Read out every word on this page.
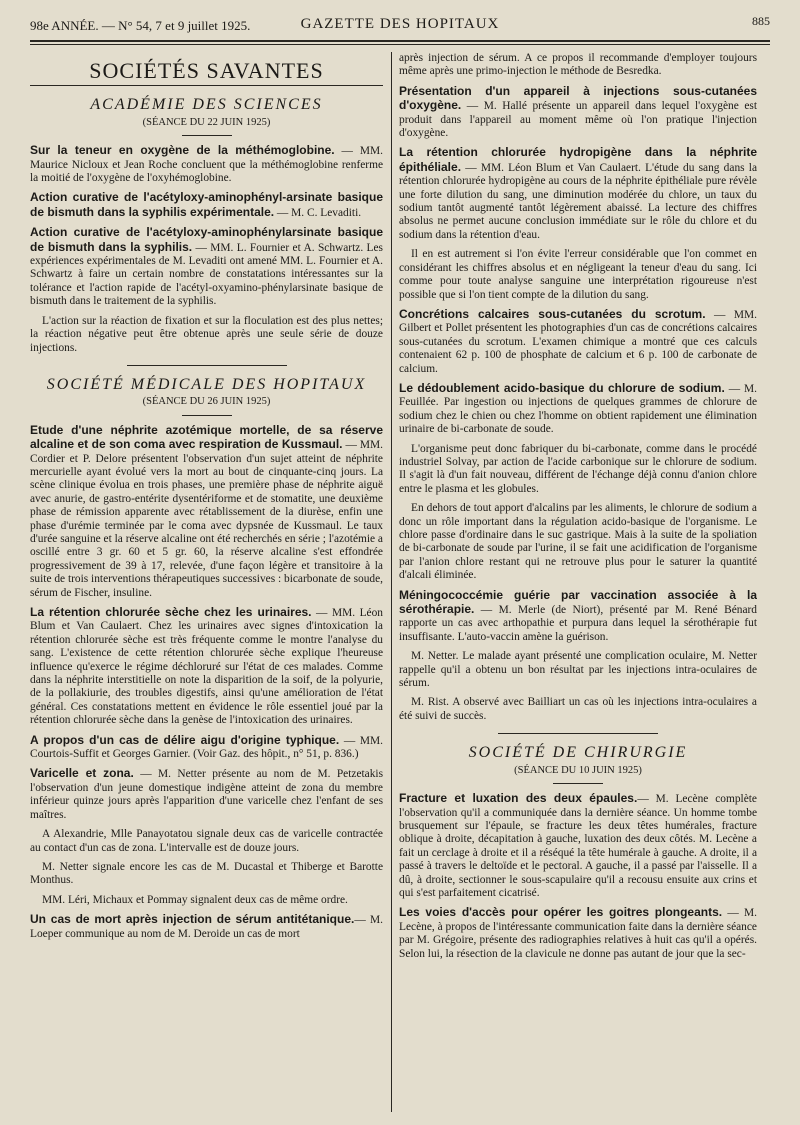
98e ANNÉE. — N° 54, 7 et 9 juillet 1925.	GAZETTE DES HOPITAUX	885
SOCIÉTÉS SAVANTES
ACADÉMIE DES SCIENCES
(SÉANCE DU 22 JUIN 1925)

Sur la teneur en oxygène de la méthémoglobine. — MM. Maurice Nicloux et Jean Roche concluent que la méthémoglobine renferme la moitié de l'oxygène de l'oxyhémoglobine.

Action curative de l'acétyloxy-aminophényl-arsinate basique de bismuth dans la syphilis expérimentale. — M. C. Levaditi.

Action curative de l'acétyloxy-aminophénylarsinate basique de bismuth dans la syphilis. — MM. L. Fournier et A. Schwartz. Les expériences expérimentales de M. Levaditi ont amené MM. L. Fournier et A. Schwartz à faire un certain nombre de constatations intéressantes sur la tolérance et l'action rapide de l'acétyl-oxyamino-phénylarsinate basique de bismuth dans le traitement de la syphilis.

L'action sur la réaction de fixation et sur la floculation est des plus nettes; la réaction négative peut être obtenue après une seule série de douze injections.

SOCIÉTÉ MÉDICALE DES HOPITAUX
(SÉANCE DU 26 JUIN 1925)

Etude d'une néphrite azotémique mortelle, de sa réserve alcaline et de son coma avec respiration de Kussmaul. — MM. Cordier et P. Delore présentent l'observation d'un sujet atteint de néphrite mercurielle ayant évolué vers la mort au bout de cinquante-cinq jours. La scène clinique évolua en trois phases, une première phase de néphrite aiguë avec anurie, de gastro-entérite dysentériforme et de stomatite, une deuxième phase de rémission apparente avec rétablissement de la diurèse, enfin une phase d'urémie terminée par le coma avec dypsnée de Kussmaul. Le taux d'urée sanguine et la réserve alcaline ont été recherchés en série ; l'azotémie a oscillé entre 3 gr. 60 et 5 gr. 60, la réserve alcaline s'est effondrée progressivement de 39 à 17, relevée, d'une façon légère et transitoire à la suite de trois interventions thérapeutiques successives : bicarbonate de soude, sérum de Fischer, insuline.

La rétention chlorurée sèche chez les urinaires. — MM. Léon Blum et Van Caulaert. Chez les urinaires avec signes d'intoxication la rétention chlorurée sèche est très fréquente comme le montre l'analyse du sang. L'existence de cette rétention chlorurée sèche explique l'heureuse influence qu'exerce le régime déchloruré sur l'état de ces malades. Comme dans la néphrite interstitielle on note la disparition de la soif, de la polyurie, de la pollakiurie, des troubles digestifs, ainsi qu'une amélioration de l'état général. Ces constatations mettent en évidence le rôle essentiel joué par la rétention chlorurée sèche dans la genèse de l'intoxication des urinaires.

A propos d'un cas de délire aigu d'origine typhique. — MM. Courtois-Suffit et Georges Garnier. (Voir Gaz. des hôpit., n° 51, p. 836.)

Varicelle et zona. — M. Netter présente au nom de M. Petzetakis l'observation d'un jeune domestique indigène atteint de zona du membre inférieur quinze jours après l'apparition d'une varicelle chez l'enfant de ses maîtres.

A Alexandrie, Mlle Panayotatou signale deux cas de varicelle contractée au contact d'un cas de zona. L'intervalle est de douze jours.

M. Netter signale encore les cas de M. Ducastal et Thiberge et Barotte Monthus.

MM. Léri, Michaux et Pommay signalent deux cas de même ordre.

Un cas de mort après injection de sérum antitétanique.— M. Loeper communique au nom de M. Deroide un cas de mort

après injection de sérum. A ce propos il recommande d'employer toujours même après une primo-injection le méthode de Besredka.

Présentation d'un appareil à injections sous-cutanées d'oxygène. — M. Hallé présente un appareil dans lequel l'oxygène est produit dans l'appareil au moment même où l'on pratique l'injection d'oxygène.

La rétention chlorurée hydropigène dans la néphrite épithéliale. — MM. Léon Blum et Van Caulaert. L'étude du sang dans la rétention chlorurée hydropigène au cours de la néphrite épithéliale pure révèle une forte dilution du sang, une diminution modérée du chlore, un taux du sodium tantôt augmenté tantôt légèrement abaissé. La lecture des chiffres absolus ne permet aucune conclusion immédiate sur le rôle du chlore et du sodium dans la rétention d'eau.

Il en est autrement si l'on évite l'erreur considérable que l'on commet en considérant les chiffres absolus et en négligeant la teneur d'eau du sang. Ici comme pour toute analyse sanguine une interprétation rigoureuse n'est possible que si l'on tient compte de la dilution du sang.

Concrétions calcaires sous-cutanées du scrotum. — MM. Gilbert et Pollet présentent les photographies d'un cas de concrétions calcaires sous-cutanées du scrotum. L'examen chimique a montré que ces calculs contenaient 62 p. 100 de phosphate de calcium et 6 p. 100 de carbonate de calcium.

Le dédoublement acido-basique du chlorure de sodium. — M. Feuillée. Par ingestion ou injections de quelques grammes de chlorure de sodium chez le chien ou chez l'homme on obtient rapidement une élimination urinaire de bi-carbonate de soude.

L'organisme peut donc fabriquer du bi-carbonate, comme dans le procédé industriel Solvay, par action de l'acide carbonique sur le chlorure de sodium. Il s'agit là d'un fait nouveau, différent de l'échange déjà connu d'anion chlore entre le plasma et les globules.

En dehors de tout apport d'alcalins par les aliments, le chlorure de sodium a donc un rôle important dans la régulation acido-basique de l'organisme. Le chlore passe d'ordinaire dans le suc gastrique. Mais à la suite de la spoliation de bi-carbonate de soude par l'urine, il se fait une acidification de l'organisme par l'anion chlore restant qui ne retrouve plus pour le saturer la quantité d'alcali éliminée.

Méningococcémie guérie par vaccination associée à la sérothérapie. — M. Merle (de Niort), présenté par M. René Bénard rapporte un cas avec arthopathie et purpura dans lequel la sérothérapie fut insuffisante. L'auto-vaccin amène la guérison.

M. Netter. Le malade ayant présenté une complication oculaire, M. Netter rappelle qu'il a obtenu un bon résultat par les injections intra-oculaires de sérum.

M. Rist. A observé avec Bailliart un cas où les injections intra-oculaires a été suivi de succès.

SOCIÉTÉ DE CHIRURGIE
(SÉANCE DU 10 JUIN 1925)

Fracture et luxation des deux épaules.— M. Lecène complète l'observation qu'il a communiquée dans la dernière séance. Un homme tombe brusquement sur l'épaule, se fracture les deux têtes humérales, fracture oblique à droite, décapitation à gauche, luxation des deux côtés. M. Lecène a fait un cerclage à droite et il a réséqué la tête humérale à gauche. A droite, il a passé à travers le deltoïde et le pectoral. A gauche, il a passé par l'aisselle. Il a dû, à droite, sectionner le sous-scapulaire qu'il a recousu ensuite aux crins et qui s'est parfaitement cicatrisé.

Les voies d'accès pour opérer les goitres plongeants. — M. Lecène, à propos de l'intéressante communication faite dans la dernière séance par M. Grégoire, présente des radiographies relatives à huit cas qu'il a opérés. Selon lui, la résection de la clavicule ne donne pas autant de jour que la sec-
